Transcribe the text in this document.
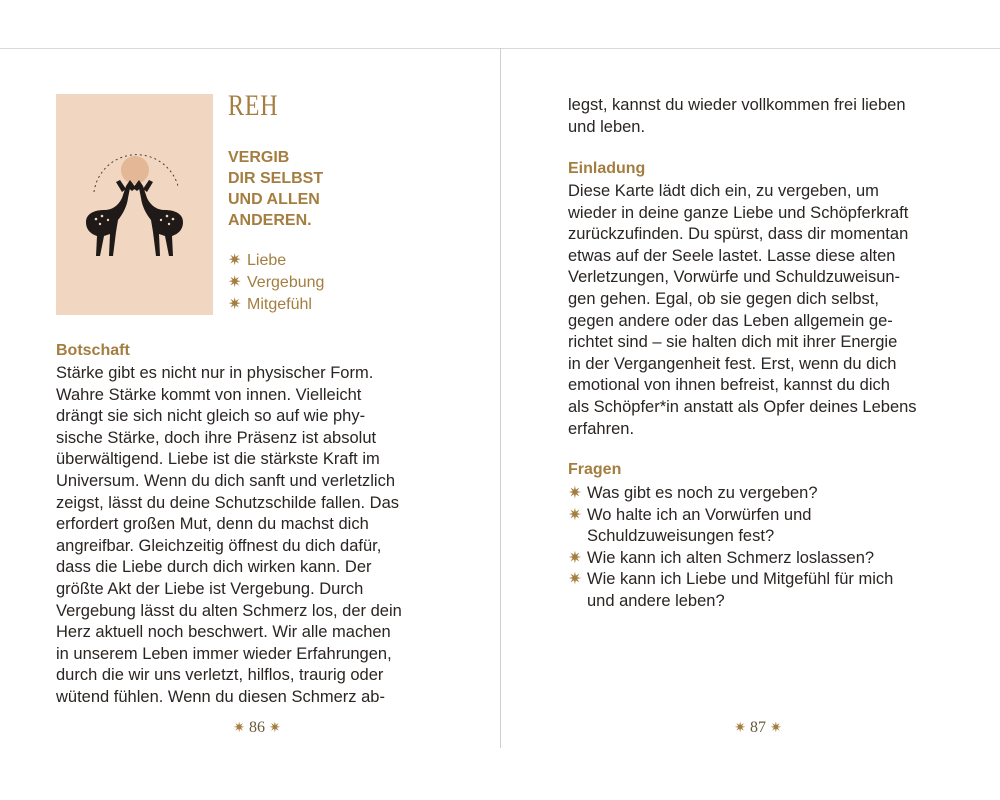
REH
VERGIB
DIR SELBST
UND ALLEN
ANDEREN.
✷ Liebe
✷ Vergebung
✷ Mitgefühl
Botschaft
Stärke gibt es nicht nur in physischer Form.
Wahre Stärke kommt von innen. Vielleicht
drängt sie sich nicht gleich so auf wie phy-
sische Stärke, doch ihre Präsenz ist absolut
überwältigend. Liebe ist die stärkste Kraft im
Universum. Wenn du dich sanft und verletzlich
zeigst, lässt du deine Schutzschilde fallen. Das
erfordert großen Mut, denn du machst dich
angreifbar. Gleichzeitig öffnest du dich dafür,
dass die Liebe durch dich wirken kann. Der
größte Akt der Liebe ist Vergebung. Durch
Vergebung lässt du alten Schmerz los, der dein
Herz aktuell noch beschwert. Wir alle machen
in unserem Leben immer wieder Erfahrungen,
durch die wir uns verletzt, hilflos, traurig oder
wütend fühlen. Wenn du diesen Schmerz ab-
✷ 86 ✷
legst, kannst du wieder vollkommen frei lieben
und leben.
Einladung
Diese Karte lädt dich ein, zu vergeben, um
wieder in deine ganze Liebe und Schöpferkraft
zurückzufinden. Du spürst, dass dir momentan
etwas auf der Seele lastet. Lasse diese alten
Verletzungen, Vorwürfe und Schuldzuweisun-
gen gehen. Egal, ob sie gegen dich selbst,
gegen andere oder das Leben allgemein ge-
richtet sind – sie halten dich mit ihrer Energie
in der Vergangenheit fest. Erst, wenn du dich
emotional von ihnen befreist, kannst du dich
als Schöpfer*in anstatt als Opfer deines Lebens
erfahren.
Fragen
✷ Was gibt es noch zu vergeben?
✷ Wo halte ich an Vorwürfen und
Schuldzuweisungen fest?
✷ Wie kann ich alten Schmerz loslassen?
✷ Wie kann ich Liebe und Mitgefühl für mich
und andere leben?
✷ 87 ✷
